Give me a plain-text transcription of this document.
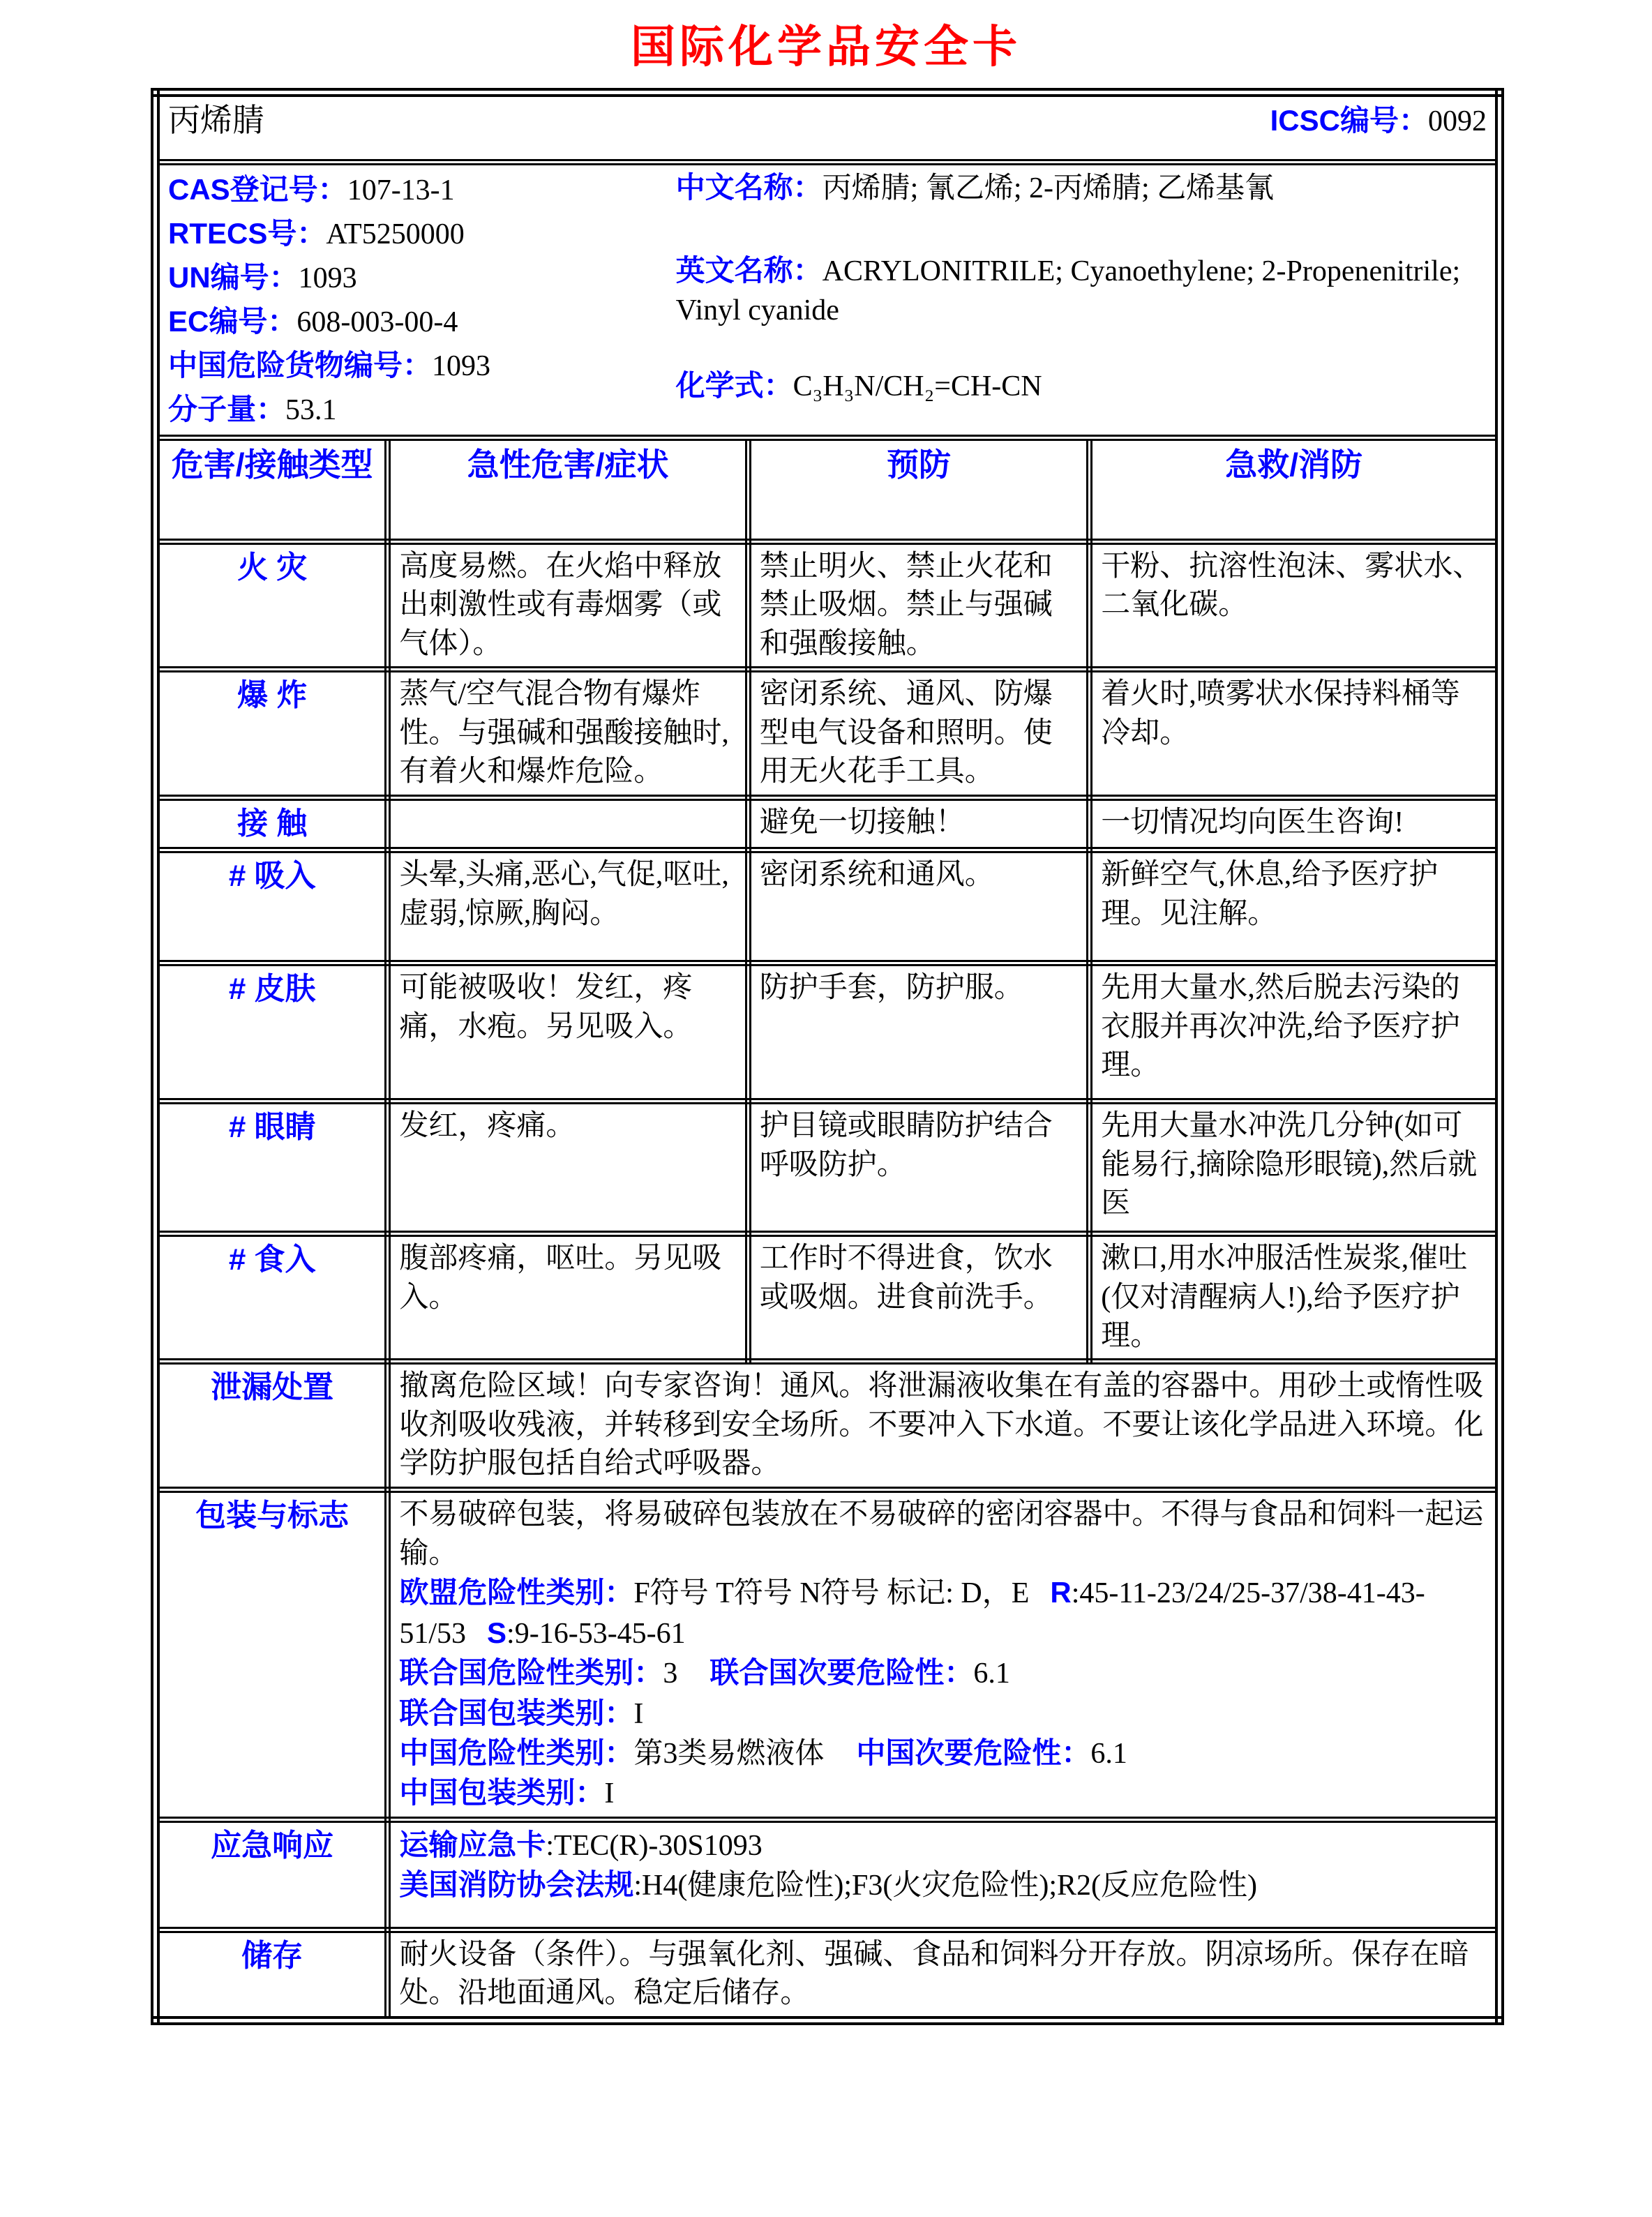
国际化学品安全卡
丙烯腈 ICSC编号：0092			

CAS登记号：107-13-1
RTECS号：AT5250000
UN编号：1093
EC编号：608-003-00-4
中国危险货物编号：1093
分子量：53.1
中文名称：丙烯腈; 氰乙烯; 2-丙烯腈; 乙烯基氰
英文名称：ACRYLONITRILE; Cyanoethylene; 2-Propenenitrile; Vinyl cyanide
化学式：C₃H₃N/CH₂=CH-CN

危害/接触类型	急性危害/症状	预防	急救/消防
火 灾	高度易燃。在火焰中释放出刺激性或有毒烟雾（或气体）。	禁止明火、禁止火花和禁止吸烟。禁止与强碱和强酸接触。	干粉、抗溶性泡沫、雾状水、二氧化碳。
爆 炸	蒸气/空气混合物有爆炸性。与强碱和强酸接触时,有着火和爆炸危险。	密闭系统、通风、防爆型电气设备和照明。使用无火花手工具。	着火时,喷雾状水保持料桶等冷却。
接 触		避免一切接触！	一切情况均向医生咨询!
# 吸入	头晕,头痛,恶心,气促,呕吐,虚弱,惊厥,胸闷。	密闭系统和通风。	新鲜空气,休息,给予医疗护理。见注解。
# 皮肤	可能被吸收！发红，疼痛，水疱。另见吸入。	防护手套，防护服。	先用大量水,然后脱去污染的衣服并再次冲洗,给予医疗护理。
# 眼睛	发红，疼痛。	护目镜或眼睛防护结合呼吸防护。	先用大量水冲洗几分钟(如可能易行,摘除隐形眼镜),然后就医
# 食入	腹部疼痛，呕吐。另见吸入。	工作时不得进食，饮水或吸烟。进食前洗手。	漱口,用水冲服活性炭浆,催吐(仅对清醒病人!),给予医疗护理。
泄漏处置	撤离危险区域！向专家咨询！通风。将泄漏液收集在有盖的容器中。用砂土或惰性吸收剂吸收残液，并转移到安全场所。不要冲入下水道。不要让该化学品进入环境。化学防护服包括自给式呼吸器。		
包装与标志	不易破碎包装，将易破碎包装放在不易破碎的密闭容器中。不得与食品和饲料一起运输。
欧盟危险性类别：F符号 T符号 N符号 标记: D，E R:45-11-23/24/25-37/38-41-43-51/53 S:9-16-53-45-61
联合国危险性类别：3 联合国次要危险性：6.1
联合国包装类别：I
中国危险性类别：第3类易燃液体 中国次要危险性：6.1
中国包装类别：I

应急响应	运输应急卡:TEC(R)-30S1093
美国消防协会法规:H4(健康危险性);F3(火灾危险性);R2(反应危险性)		

储存	耐火设备（条件）。与强氧化剂、强碱、食品和饲料分开存放。阴凉场所。保存在暗处。沿地面通风。稳定后储存。		
